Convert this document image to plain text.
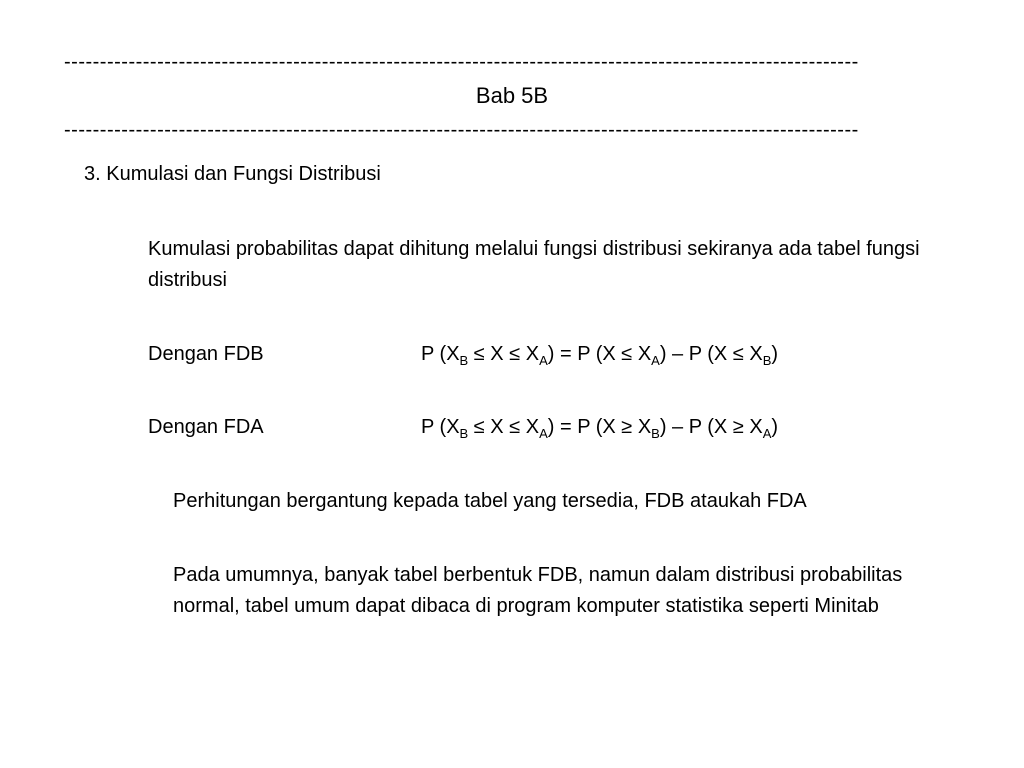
---------------------------------------------------------------------------------------------------------------
Bab 5B
---------------------------------------------------------------------------------------------------------------
3. Kumulasi dan Fungsi Distribusi
Kumulasi probabilitas dapat dihitung melalui fungsi distribusi sekiranya ada tabel fungsi distribusi
Dengan FDB	P $(X_B \le X \le X_A) = P$ $(X \le X_A) - P$ $(X \le X_B)$
Dengan FDA	P $(X_B \le X \le X_A) = P$ $(X \ge X_B) - P$ $(X \ge X_A)$
Perhitungan bergantung kepada tabel yang tersedia, FDB ataukah FDA
Pada umumnya, banyak tabel berbentuk FDB, namun dalam distribusi probabilitas normal, tabel umum dapat dibaca di program komputer statistika seperti Minitab
